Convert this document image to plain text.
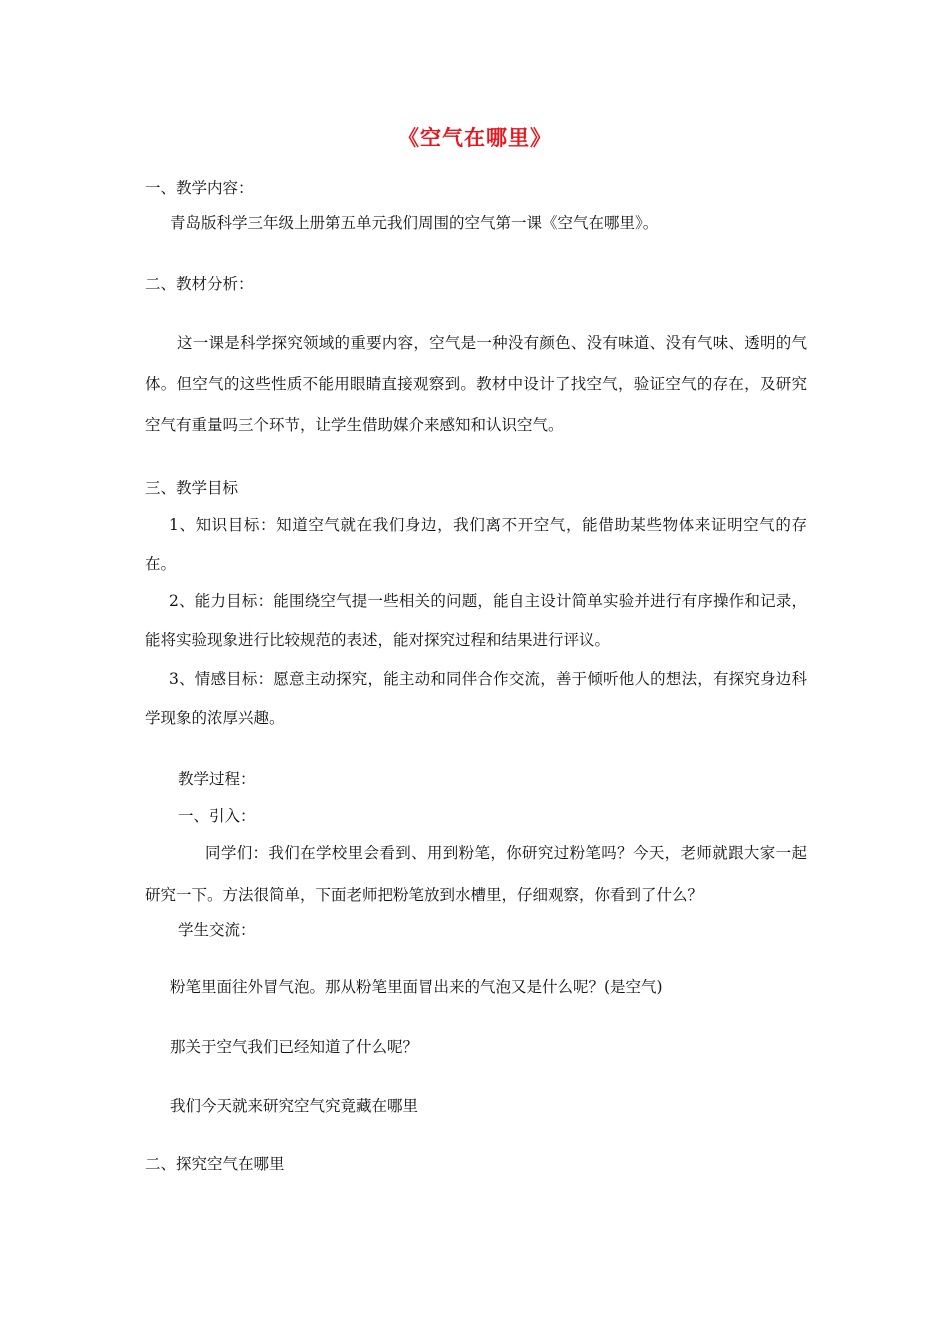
《空气在哪里》
一、教学内容：
青岛版科学三年级上册第五单元我们周围的空气第一课《空气在哪里》。
二、教材分析：
这一课是科学探究领域的重要内容，空气是一种没有颜色、没有味道、没有气味、透明的气体。但空气的这些性质不能用眼睛直接观察到。教材中设计了找空气，验证空气的存在，及研究空气有重量吗三个环节，让学生借助媒介来感知和认识空气。
三、教学目标
1、知识目标：知道空气就在我们身边，我们离不开空气，能借助某些物体来证明空气的存在。
2、能力目标：能围绕空气提一些相关的问题，能自主设计简单实验并进行有序操作和记录，能将实验现象进行比较规范的表述，能对探究过程和结果进行评议。
3、情感目标：愿意主动探究，能主动和同伴合作交流，善于倾听他人的想法，有探究身边科学现象的浓厚兴趣。
教学过程：
一、引入：
同学们：我们在学校里会看到、用到粉笔，你研究过粉笔吗？今天，老师就跟大家一起研究一下。方法很简单，下面老师把粉笔放到水槽里，仔细观察，你看到了什么？
学生交流：
粉笔里面往外冒气泡。那从粉笔里面冒出来的气泡又是什么呢？(是空气)
那关于空气我们已经知道了什么呢？
我们今天就来研究空气究竟藏在哪里
二、探究空气在哪里
